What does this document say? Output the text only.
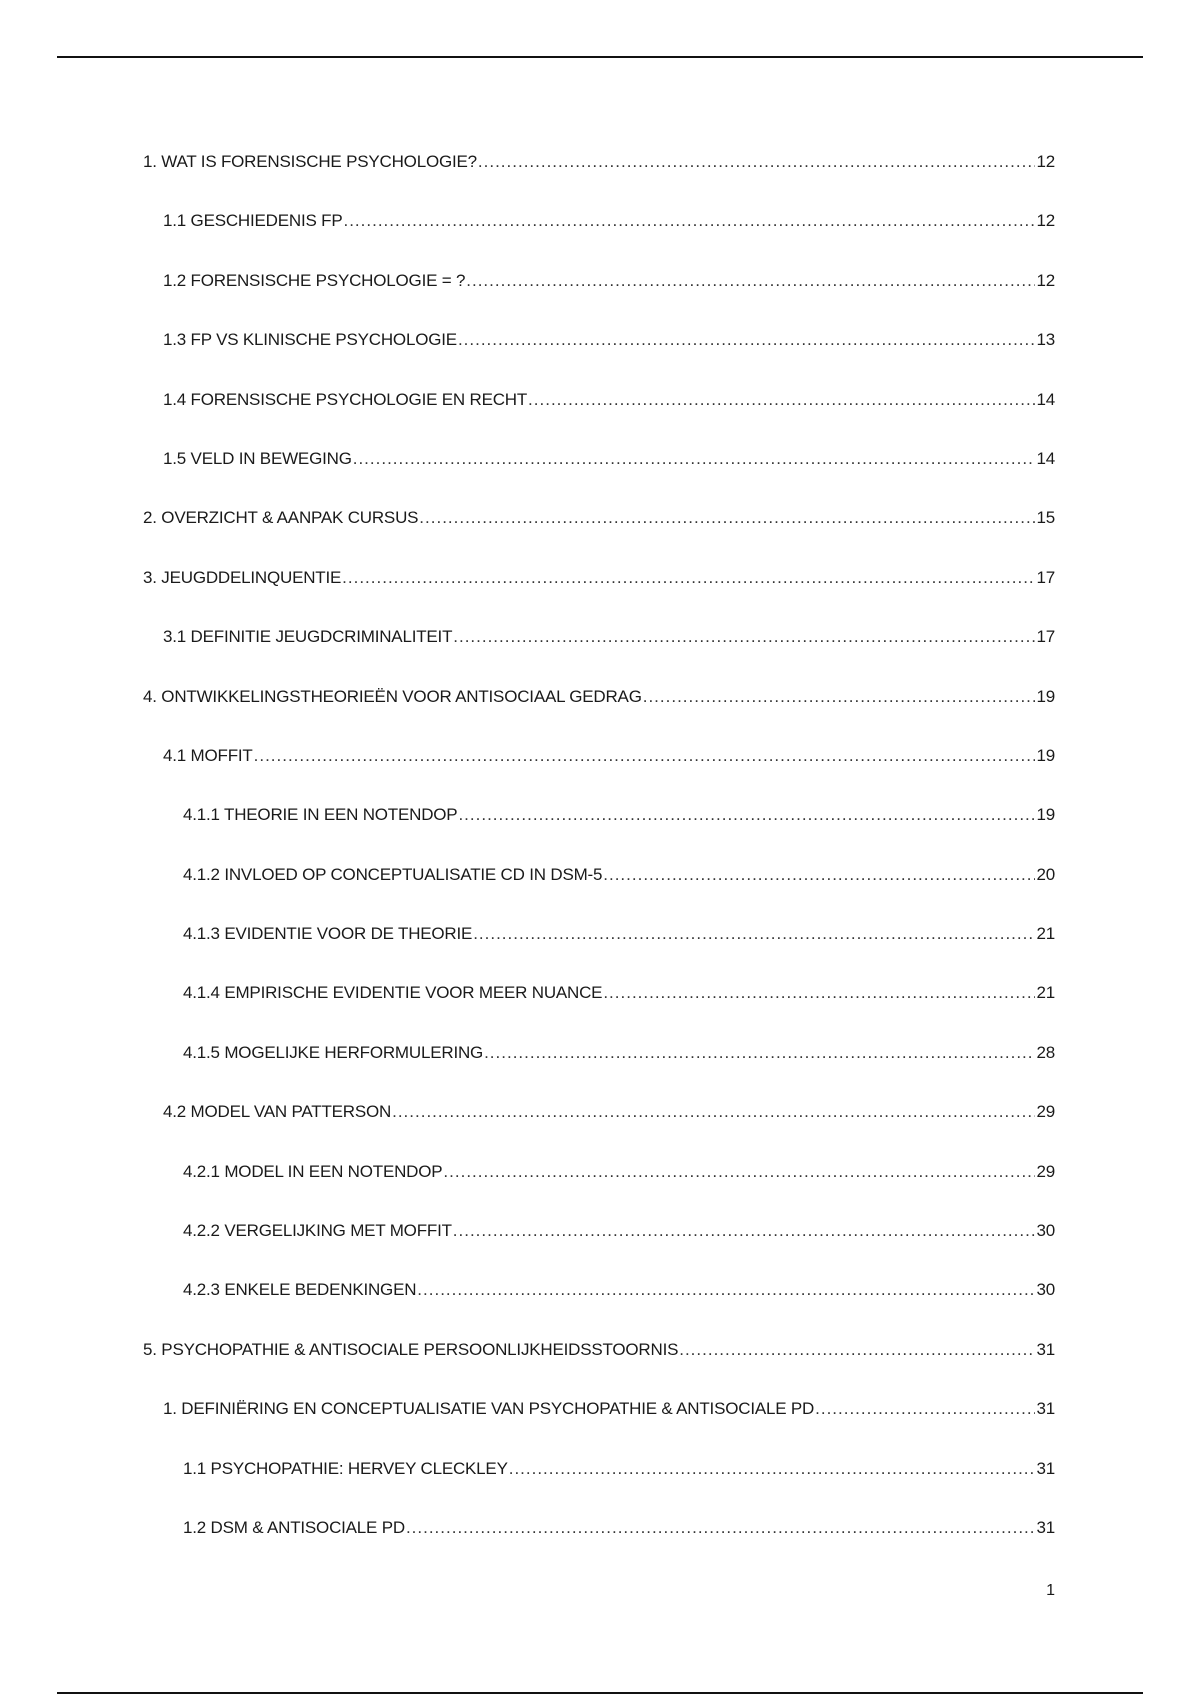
1. WAT IS FORENSISCHE PSYCHOLOGIE? .....	12
1.1 GESCHIEDENIS FP .....	12
1.2 FORENSISCHE PSYCHOLOGIE = ? .....	12
1.3 FP VS KLINISCHE PSYCHOLOGIE .....	13
1.4 FORENSISCHE PSYCHOLOGIE EN RECHT .....	14
1.5 VELD IN BEWEGING .....	14
2. OVERZICHT & AANPAK CURSUS .....	15
3. JEUGDDELINQUENTIE .....	17
3.1 DEFINITIE JEUGDCRIMINALITEIT .....	17
4. ONTWIKKELINGSTHEORIEËN VOOR ANTISOCIAAL GEDRAG .....	19
4.1 MOFFIT .....	19
4.1.1 THEORIE IN EEN NOTENDOP .....	19
4.1.2 INVLOED OP CONCEPTUALISATIE CD IN DSM-5 .....	20
4.1.3 EVIDENTIE VOOR DE THEORIE .....	21
4.1.4 EMPIRISCHE EVIDENTIE VOOR MEER NUANCE .....	21
4.1.5 MOGELIJKE HERFORMULERING .....	28
4.2 MODEL VAN PATTERSON .....	29
4.2.1 MODEL IN EEN NOTENDOP .....	29
4.2.2 VERGELIJKING MET MOFFIT .....	30
4.2.3 ENKELE BEDENKINGEN .....	30
5. PSYCHOPATHIE & ANTISOCIALE PERSOONLIJKHEIDSSTOORNIS .....	31
1. DEFINIËRING EN CONCEPTUALISATIE VAN PSYCHOPATHIE & ANTISOCIALE PD .....	31
1.1 PSYCHOPATHIE: HERVEY CLECKLEY .....	31
1.2 DSM & ANTISOCIALE PD .....	31
1
